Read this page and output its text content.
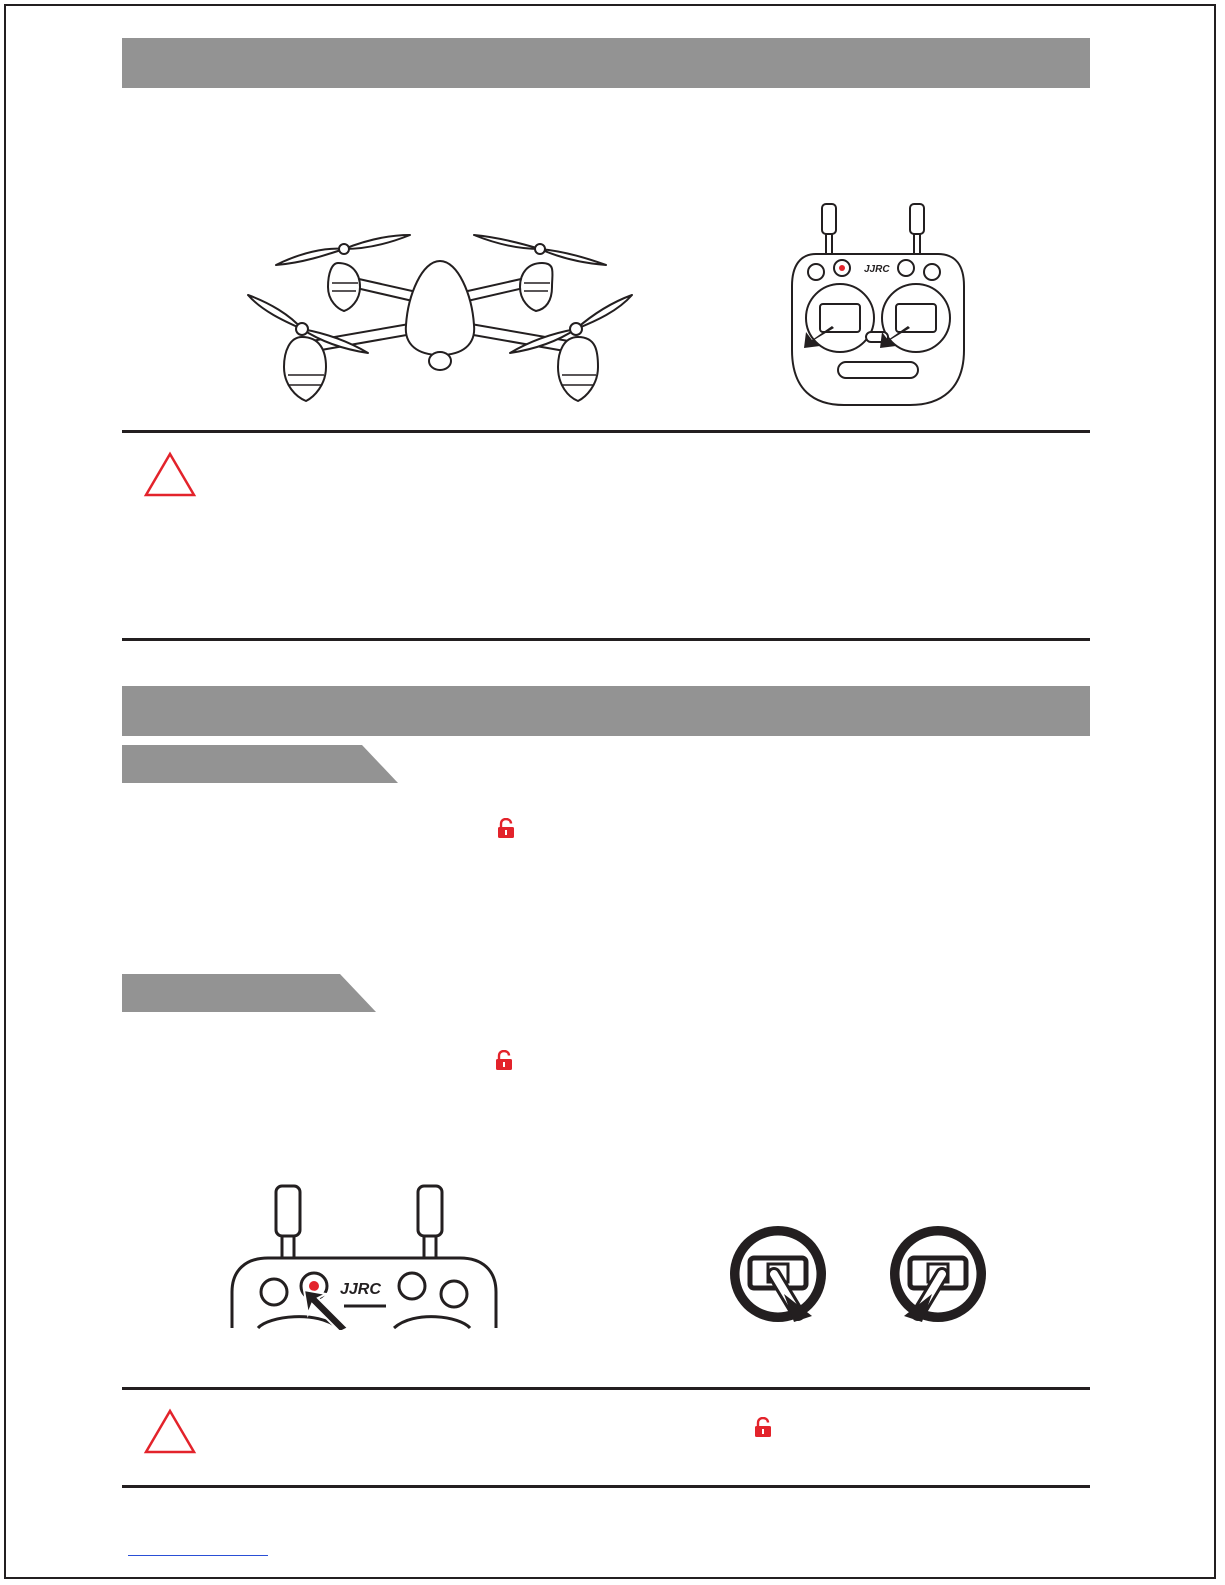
JJRC
JJRC
